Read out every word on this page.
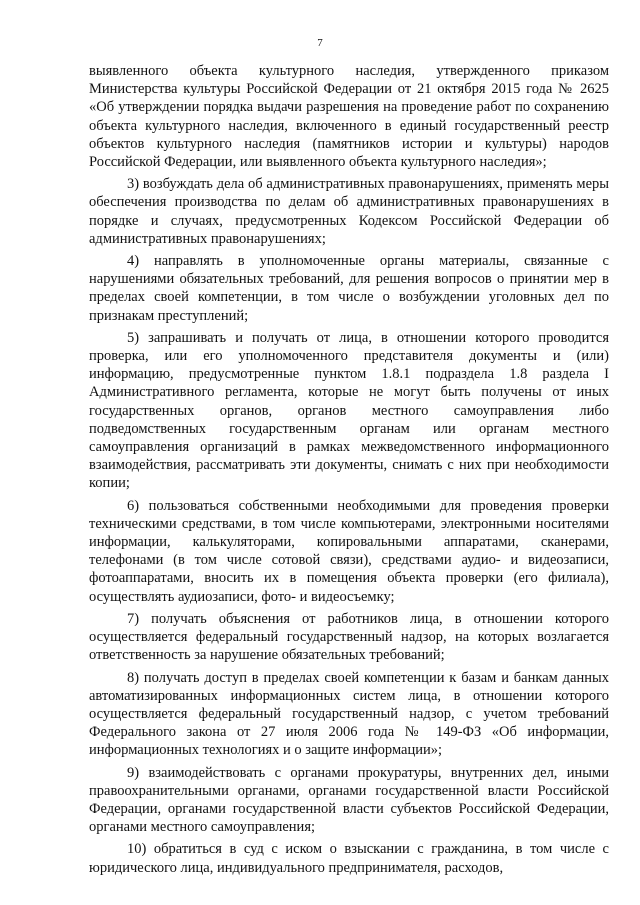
7

выявленного объекта культурного наследия, утвержденного приказом Министерства культуры Российской Федерации от 21 октября 2015 года № 2625 «Об утверждении порядка выдачи разрешения на проведение работ по сохранению объекта культурного наследия, включенного в единый государственный реестр объектов культурного наследия (памятников истории и культуры) народов Российской Федерации, или выявленного объекта культурного наследия»;

3) возбуждать дела об административных правонарушениях, применять меры обеспечения производства по делам об административных правонарушениях в порядке и случаях, предусмотренных Кодексом Российской Федерации об административных правонарушениях;

4) направлять в уполномоченные органы материалы, связанные с нарушениями обязательных требований, для решения вопросов о принятии мер в пределах своей компетенции, в том числе о возбуждении уголовных дел по признакам преступлений;

5) запрашивать и получать от лица, в отношении которого проводится проверка, или его уполномоченного представителя документы и (или) информацию, предусмотренные пунктом 1.8.1 подраздела 1.8 раздела I Административного регламента, которые не могут быть получены от иных государственных органов, органов местного самоуправления либо подведомственных государственным органам или органам местного самоуправления организаций в рамках межведомственного информационного взаимодействия, рассматривать эти документы, снимать с них при необходимости копии;

6) пользоваться собственными необходимыми для проведения проверки техническими средствами, в том числе компьютерами, электронными носителями информации, калькуляторами, копировальными аппаратами, сканерами, телефонами (в том числе сотовой связи), средствами аудио- и видеозаписи, фотоаппаратами, вносить их в помещения объекта проверки (его филиала), осуществлять аудиозаписи, фото- и видеосъемку;

7) получать объяснения от работников лица, в отношении которого осуществляется федеральный государственный надзор, на которых возлагается ответственность за нарушение обязательных требований;

8) получать доступ в пределах своей компетенции к базам и банкам данных автоматизированных информационных систем лица, в отношении которого осуществляется федеральный государственный надзор, с учетом требований Федерального закона от 27 июля 2006 года № 149-ФЗ «Об информации, информационных технологиях и о защите информации»;

9) взаимодействовать с органами прокуратуры, внутренних дел, иными правоохранительными органами, органами государственной власти Российской Федерации, органами государственной власти субъектов Российской Федерации, органами местного самоуправления;

10) обратиться в суд с иском о взыскании с гражданина, в том числе с юридического лица, индивидуального предпринимателя, расходов,
